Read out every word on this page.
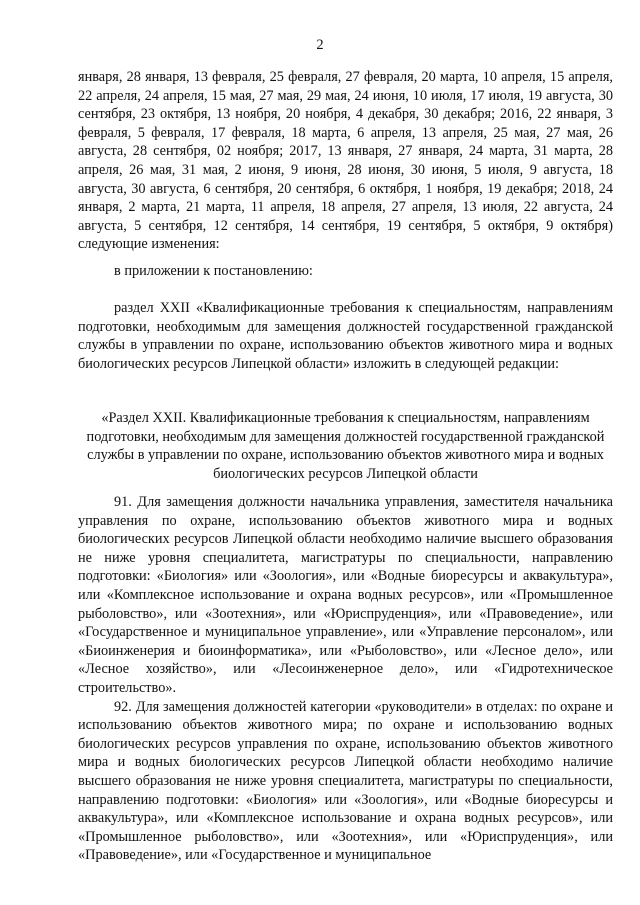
2

января, 28 января, 13 февраля, 25 февраля, 27 февраля, 20 марта, 10 апреля, 15 апреля, 22 апреля, 24 апреля, 15 мая, 27 мая, 29 мая, 24 июня, 10 июля, 17 июля, 19 августа, 30 сентября, 23 октября, 13 ноября, 20 ноября, 4 декабря, 30 декабря; 2016, 22 января, 3 февраля, 5 февраля, 17 февраля, 18 марта, 6 апреля, 13 апреля, 25 мая, 27 мая, 26 августа, 28 сентября, 02 ноября; 2017, 13 января, 27 января, 24 марта, 31 марта, 28 апреля, 26 мая, 31 мая, 2 июня, 9 июня, 28 июня, 30 июня, 5 июля, 9 августа, 18 августа, 30 августа, 6 сентября, 20 сентября, 6 октября, 1 ноября, 19 декабря; 2018, 24 января, 2 марта, 21 марта, 11 апреля, 18 апреля, 27 апреля, 13 июля, 22 августа, 24 августа, 5 сентября, 12 сентября, 14 сентября, 19 сентября, 5 октября, 9 октября) следующие изменения:

в приложении к постановлению:

раздел XXII «Квалификационные требования к специальностям, направлениям подготовки, необходимым для замещения должностей государственной гражданской службы в управлении по охране, использованию объектов животного мира и водных биологических ресурсов Липецкой области» изложить в следующей редакции:

«Раздел XXII. Квалификационные требования к специальностям, направлениям подготовки, необходимым для замещения должностей государственной гражданской службы в управлении по охране, использованию объектов животного мира и водных биологических ресурсов Липецкой области

91. Для замещения должности начальника управления, заместителя начальника управления по охране, использованию объектов животного мира и водных биологических ресурсов Липецкой области необходимо наличие высшего образования не ниже уровня специалитета, магистратуры по специальности, направлению подготовки: «Биология» или «Зоология», или «Водные биоресурсы и аквакультура», или «Комплексное использование и охрана водных ресурсов», или «Промышленное рыболовство», или «Зоотехния», или «Юриспруденция», или «Правоведение», или «Государственное и муниципальное управление», или «Управление персоналом», или «Биоинженерия и биоинформатика», или «Рыболовство», или «Лесное дело», или «Лесное хозяйство», или «Лесоинженерное дело», или «Гидротехническое строительство».

92. Для замещения должностей категории «руководители» в отделах: по охране и использованию объектов животного мира; по охране и использованию водных биологических ресурсов управления по охране, использованию объектов животного мира и водных биологических ресурсов Липецкой области необходимо наличие высшего образования не ниже уровня специалитета, магистратуры по специальности, направлению подготовки: «Биология» или «Зоология», или «Водные биоресурсы и аквакультура», или «Комплексное использование и охрана водных ресурсов», или «Промышленное рыболовство», или «Зоотехния», или «Юриспруденция», или «Правоведение», или «Государственное и муниципальное
